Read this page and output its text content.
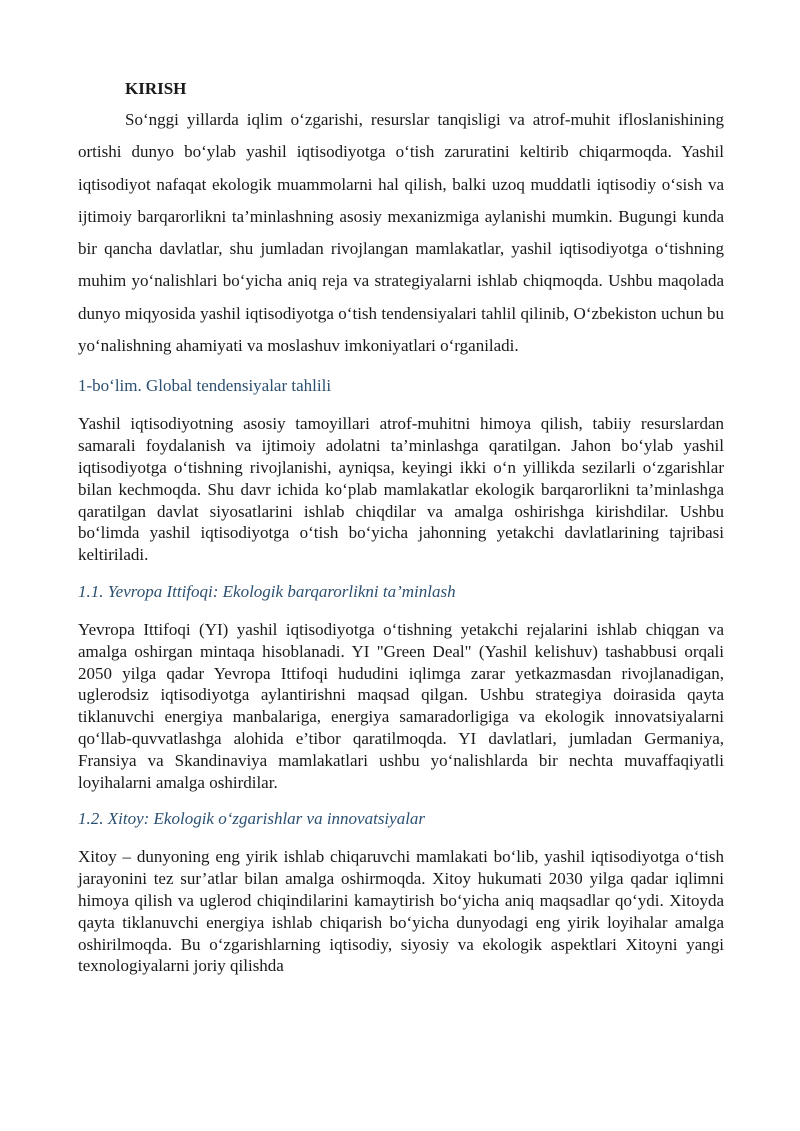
KIRISH

So‘nggi yillarda iqlim o‘zgarishi, resurslar tanqisligi va atrof-muhit ifloslanishining ortishi dunyo bo‘ylab yashil iqtisodiyotga o‘tish zaruratini keltirib chiqarmoqda. Yashil iqtisodiyot nafaqat ekologik muammolarni hal qilish, balki uzoq muddatli iqtisodiy o‘sish va ijtimoiy barqarorlikni ta’minlashning asosiy mexanizmiga aylanishi mumkin. Bugungi kunda bir qancha davlatlar, shu jumladan rivojlangan mamlakatlar, yashil iqtisodiyotga o‘tishning muhim yo‘nalishlari bo‘yicha aniq reja va strategiyalarni ishlab chiqmoqda. Ushbu maqolada dunyo miqyosida yashil iqtisodiyotga o‘tish tendensiyalari tahlil qilinib, O‘zbekiston uchun bu yo‘nalishning ahamiyati va moslashuv imkoniyatlari o‘rganiladi.

1-bo‘lim. Global tendensiyalar tahlili

Yashil iqtisodiyotning asosiy tamoyillari atrof-muhitni himoya qilish, tabiiy resurslardan samarali foydalanish va ijtimoiy adolatni ta’minlashga qaratilgan. Jahon bo‘ylab yashil iqtisodiyotga o‘tishning rivojlanishi, ayniqsa, keyingi ikki o‘n yillikda sezilarli o‘zgarishlar bilan kechmoqda. Shu davr ichida ko‘plab mamlakatlar ekologik barqarorlikni ta’minlashga qaratilgan davlat siyosatlarini ishlab chiqdilar va amalga oshirishga kirishdilar. Ushbu bo‘limda yashil iqtisodiyotga o‘tish bo‘yicha jahonning yetakchi davlatlarining tajribasi keltiriladi.

1.1. Yevropa Ittifoqi: Ekologik barqarorlikni ta’minlash

Yevropa Ittifoqi (YI) yashil iqtisodiyotga o‘tishning yetakchi rejalarini ishlab chiqgan va amalga oshirgan mintaqa hisoblanadi. YI "Green Deal" (Yashil kelishuv) tashabbusi orqali 2050 yilga qadar Yevropa Ittifoqi hududini iqlimga zarar yetkazmasdan rivojlanadigan, uglerodsiz iqtisodiyotga aylantirishni maqsad qilgan. Ushbu strategiya doirasida qayta tiklanuvchi energiya manbalariga, energiya samaradorligiga va ekologik innovatsiyalarni qo‘llab-quvvatlashga alohida e’tibor qaratilmoqda. YI davlatlari, jumladan Germaniya, Fransiya va Skandinaviya mamlakatlari ushbu yo‘nalishlarda bir nechta muvaffaqiyatli loyihalarni amalga oshirdilar.

1.2. Xitoy: Ekologik o‘zgarishlar va innovatsiyalar

Xitoy – dunyoning eng yirik ishlab chiqaruvchi mamlakati bo‘lib, yashil iqtisodiyotga o‘tish jarayonini tez sur’atlar bilan amalga oshirmoqda. Xitoy hukumati 2030 yilga qadar iqlimni himoya qilish va uglerod chiqindilarini kamaytirish bo‘yicha aniq maqsadlar qo‘ydi. Xitoyda qayta tiklanuvchi energiya ishlab chiqarish bo‘yicha dunyodagi eng yirik loyihalar amalga oshirilmoqda. Bu o‘zgarishlarning iqtisodiy, siyosiy va ekologik aspektlari Xitoyni yangi texnologiyalarni joriy qilishda
